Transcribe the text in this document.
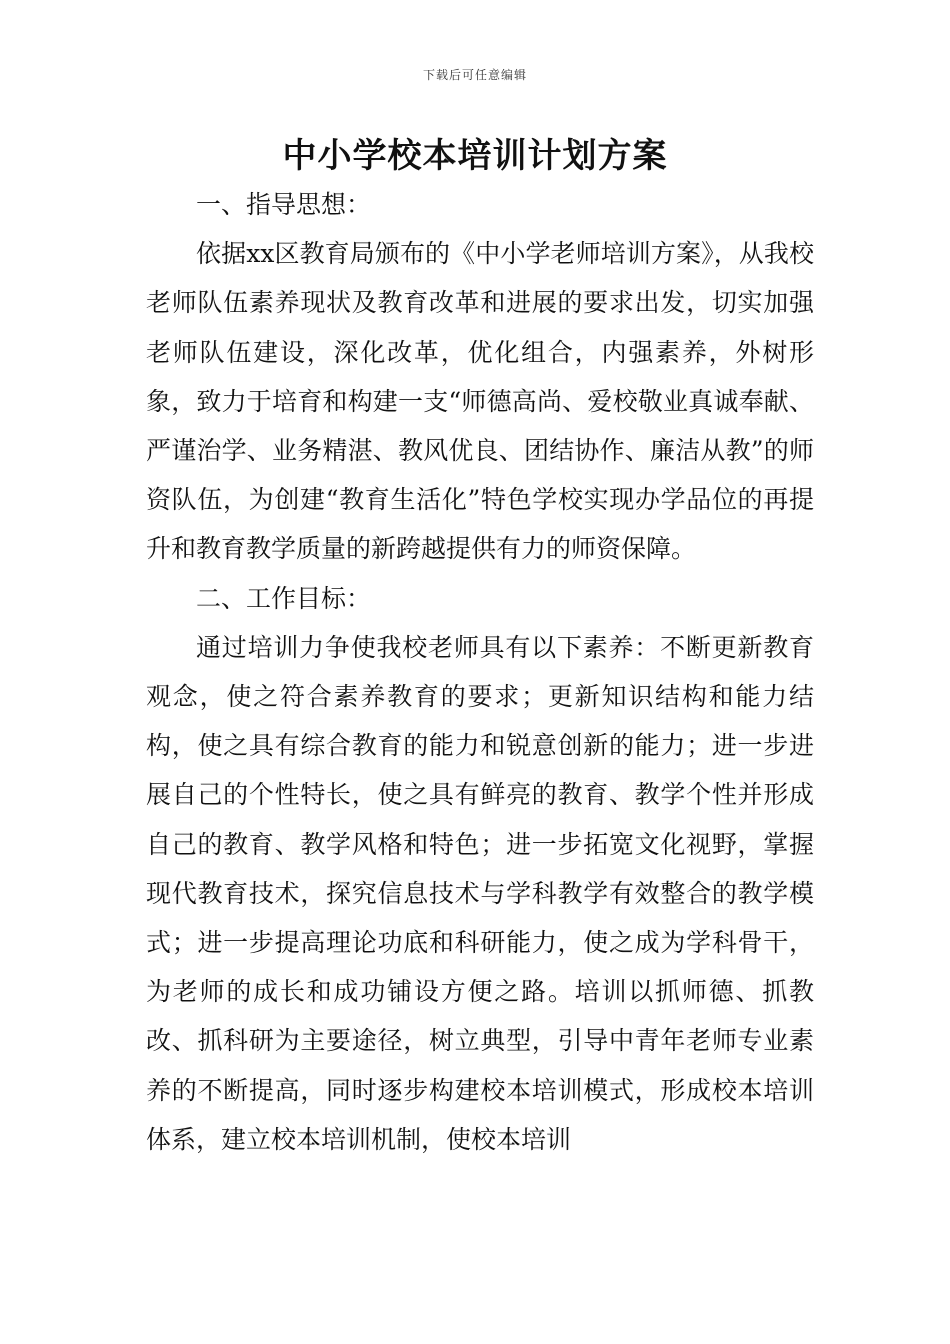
下载后可任意编辑
中小学校本培训计划方案

一、指导思想：

依据xx区教育局颁布的《中小学老师培训方案》，从我校老师队伍素养现状及教育改革和进展的要求出发，切实加强老师队伍建设，深化改革，优化组合，内强素养，外树形象，致力于培育和构建一支“师德高尚、爱校敬业真诚奉献、严谨治学、业务精湛、教风优良、团结协作、廉洁从教”的师资队伍，为创建“教育生活化”特色学校实现办学品位的再提升和教育教学质量的新跨越提供有力的师资保障。

二、工作目标：

通过培训力争使我校老师具有以下素养：不断更新教育观念，使之符合素养教育的要求；更新知识结构和能力结构，使之具有综合教育的能力和锐意创新的能力；进一步进展自己的个性特长，使之具有鲜亮的教育、教学个性并形成自己的教育、教学风格和特色；进一步拓宽文化视野，掌握现代教育技术，探究信息技术与学科教学有效整合的教学模式；进一步提高理论功底和科研能力，使之成为学科骨干，为老师的成长和成功铺设方便之路。培训以抓师德、抓教改、抓科研为主要途径，树立典型，引导中青年老师专业素养的不断提高，同时逐步构建校本培训模式，形成校本培训体系，建立校本培训机制，使校本培训
